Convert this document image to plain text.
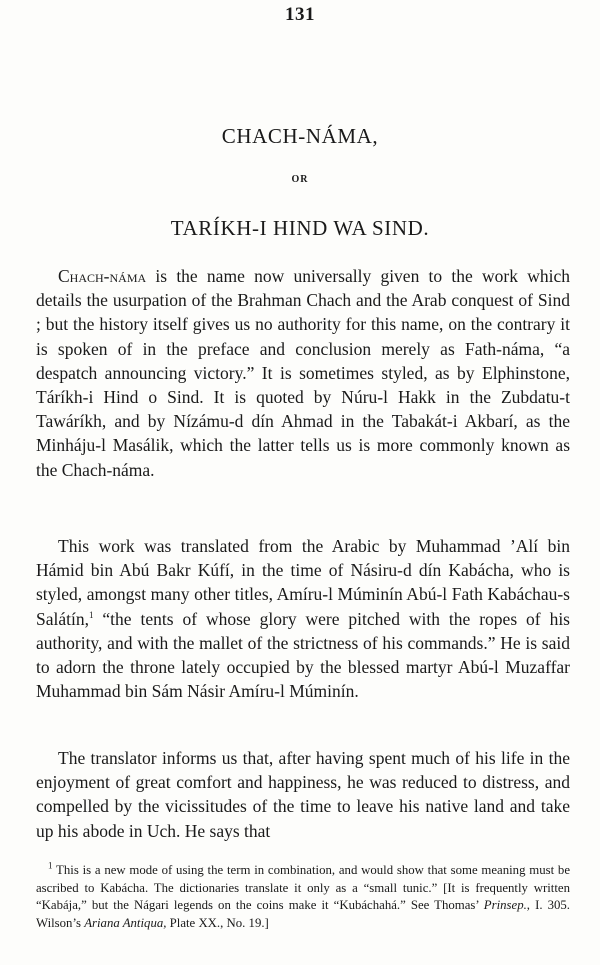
131
CHACH-NÁMA,
OR
TARÍKH-I HIND WA SIND.

Chach-náma is the name now universally given to the work which details the usurpation of the Brahman Chach and the Arab conquest of Sind ; but the history itself gives us no authority for this name, on the contrary it is spoken of in the preface and conclusion merely as Fath-náma, “a despatch announcing victory.” It is sometimes styled, as by Elphinstone, Táríkh-i Hind o Sind. It is quoted by Núru-l Hakk in the Zubdatu-t Tawáríkh, and by Nízámu-d dín Ahmad in the Tabakát-i Akbarí, as the Minháju-l Masálik, which the latter tells us is more commonly known as the Chach-náma.

This work was translated from the Arabic by Muhammad ’Alí bin Hámid bin Abú Bakr Kúfí, in the time of Násiru-d dín Kabácha, who is styled, amongst many other titles, Amíru-l Múminín Abú-l Fath Kabáchau-s Salátín,$^1$ “the tents of whose glory were pitched with the ropes of his authority, and with the mallet of the strictness of his commands.” He is said to adorn the throne lately occupied by the blessed martyr Abú-l Muzaffar Muhammad bin Sám Násir Amíru-l Múminín.

The translator informs us that, after having spent much of his life in the enjoyment of great comfort and happiness, he was reduced to distress, and compelled by the vicissitudes of the time to leave his native land and take up his abode in Uch. He says that

$^1$ This is a new mode of using the term in combination, and would show that some meaning must be ascribed to Kabácha. The dictionaries translate it only as a “small tunic.” [It is frequently written “Kabája,” but the Nágari legends on the coins make it “Kubáchahá.” See Thomas’ Prinsep., I. 305. Wilson’s Ariana Antiqua, Plate XX., No. 19.]
